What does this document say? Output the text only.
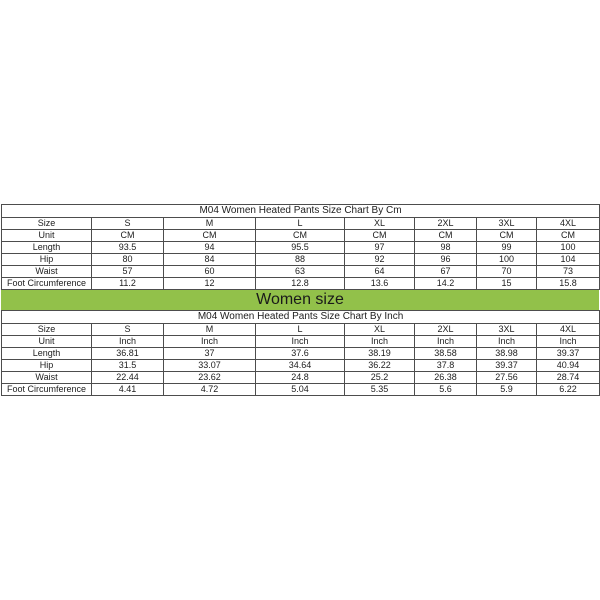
M04 Women Heated Pants Size Chart By Cm							
Size	S	M	L	XL	2XL	3XL	4XL
Unit	CM	CM	CM	CM	CM	CM	CM
Length	93.5	94	95.5	97	98	99	100
Hip	80	84	88	92	96	100	104
Waist	57	60	63	64	67	70	73
Foot Circumference	11.2	12	12.8	13.6	14.2	15	15.8
Women size
M04 Women Heated Pants Size Chart By Inch							
Size	S	M	L	XL	2XL	3XL	4XL
Unit	Inch	Inch	Inch	Inch	Inch	Inch	Inch
Length	36.81	37	37.6	38.19	38.58	38.98	39.37
Hip	31.5	33.07	34.64	36.22	37.8	39.37	40.94
Waist	22.44	23.62	24.8	25.2	26.38	27.56	28.74
Foot Circumference	4.41	4.72	5.04	5.35	5.6	5.9	6.22
